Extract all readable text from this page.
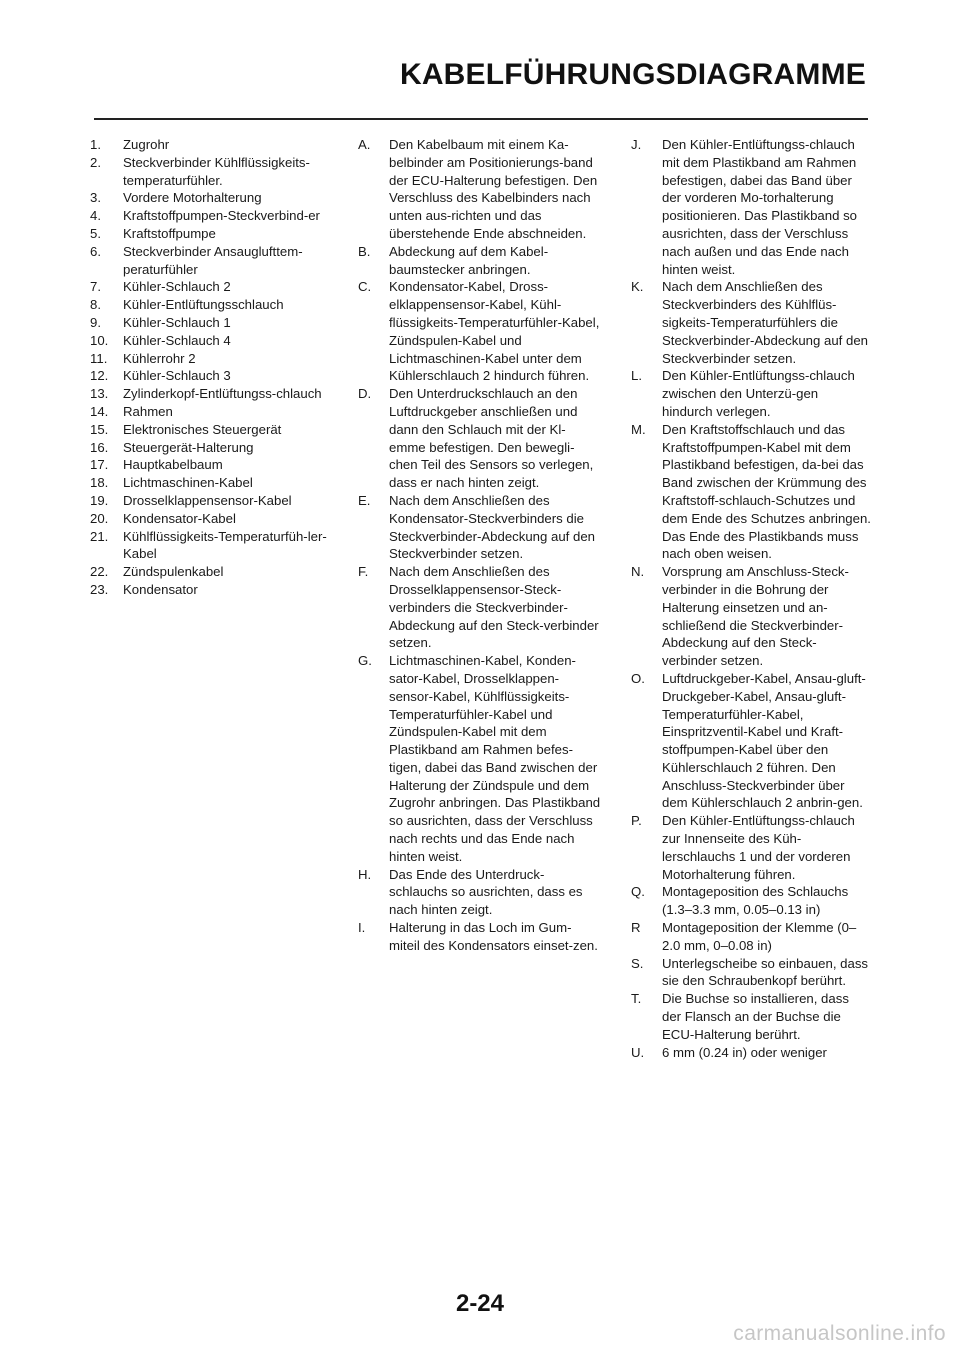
KABELFÜHRUNGSDIAGRAMME
1.	Zugrohr
2.	Steckverbinder Kühlflüssigkeits-temperaturfühler.
3.	Vordere Motorhalterung
4.	Kraftstoffpumpen-Steckverbind-er
5.	Kraftstoffpumpe
6.	Steckverbinder Ansauglufttem-peraturfühler
7.	Kühler-Schlauch 2
8.	Kühler-Entlüftungsschlauch
9.	Kühler-Schlauch 1
10.	Kühler-Schlauch 4
11.	Kühlerrohr 2
12.	Kühler-Schlauch 3
13.	Zylinderkopf-Entlüftungss-chlauch
14.	Rahmen
15.	Elektronisches Steuergerät
16.	Steuergerät-Halterung
17.	Hauptkabelbaum
18.	Lichtmaschinen-Kabel
19.	Drosselklappensensor-Kabel
20.	Kondensator-Kabel
21.	Kühlflüssigkeits-Temperaturfüh-ler-Kabel
22.	Zündspulenkabel
23.	Kondensator
A.	Den Kabelbaum mit einem Ka-belbinder am Positionierungs-band der ECU-Halterung befestigen. Den Verschluss des Kabelbinders nach unten aus-richten und das überstehende Ende abschneiden.
B.	Abdeckung auf dem Kabel-baumstecker anbringen.
C.	Kondensator-Kabel, Dross-elklappensensor-Kabel, Kühl-flüssigkeits-Temperaturfühler-Kabel, Zündspulen-Kabel und Lichtmaschinen-Kabel unter dem Kühlerschlauch 2 hindurch führen.
D.	Den Unterdruckschlauch an den Luftdruckgeber anschließen und dann den Schlauch mit der Kl-emme befestigen. Den bewegli-chen Teil des Sensors so verlegen, dass er nach hinten zeigt.
E.	Nach dem Anschließen des Kondensator-Steckverbinders die Steckverbinder-Abdeckung auf den Steckverbinder setzen.
F.	Nach dem Anschließen des Drosselklappensensor-Steck-verbinders die Steckverbinder-Abdeckung auf den Steck-verbinder setzen.
G.	Lichtmaschinen-Kabel, Konden-sator-Kabel, Drosselklappen-sensor-Kabel, Kühlflüssigkeits-Temperaturfühler-Kabel und Zündspulen-Kabel mit dem Plastikband am Rahmen befes-tigen, dabei das Band zwischen der Halterung der Zündspule und dem Zugrohr anbringen. Das Plastikband so ausrichten, dass der Verschluss nach rechts und das Ende nach hinten weist.
H.	Das Ende des Unterdruck-schlauchs so ausrichten, dass es nach hinten zeigt.
I.	Halterung in das Loch im Gum-miteil des Kondensators einset-zen.
J.	Den Kühler-Entlüftungss-chlauch mit dem Plastikband am Rahmen befestigen, dabei das Band über der vorderen Mo-torhalterung positionieren. Das Plastikband so ausrichten, dass der Verschluss nach außen und das Ende nach hinten weist.
K.	Nach dem Anschließen des Steckverbinders des Kühlflüs-sigkeits-Temperaturfühlers die Steckverbinder-Abdeckung auf den Steckverbinder setzen.
L.	Den Kühler-Entlüftungss-chlauch zwischen den Unterzü-gen hindurch verlegen.
M.	Den Kraftstoffschlauch und das Kraftstoffpumpen-Kabel mit dem Plastikband befestigen, da-bei das Band zwischen der Krümmung des Kraftstoff-schlauch-Schutzes und dem Ende des Schutzes anbringen. Das Ende des Plastikbands muss nach oben weisen.
N.	Vorsprung am Anschluss-Steck-verbinder in die Bohrung der Halterung einsetzen und an-schließend die Steckverbinder-Abdeckung auf den Steck-verbinder setzen.
O.	Luftdruckgeber-Kabel, Ansau-gluft-Druckgeber-Kabel, Ansau-gluft-Temperaturfühler-Kabel, Einspritzventil-Kabel und Kraft-stoffpumpen-Kabel über den Kühlerschlauch 2 führen. Den Anschluss-Steckverbinder über dem Kühlerschlauch 2 anbrin-gen.
P.	Den Kühler-Entlüftungss-chlauch zur Innenseite des Küh-lerschlauchs 1 und der vorderen Motorhalterung führen.
Q.	Montageposition des Schlauchs (1.3–3.3 mm, 0.05–0.13 in)
R	Montageposition der Klemme (0–2.0 mm, 0–0.08 in)
S.	Unterlegscheibe so einbauen, dass sie den Schraubenkopf berührt.
T.	Die Buchse so installieren, dass der Flansch an der Buchse die ECU-Halterung berührt.
U.	6 mm (0.24 in) oder weniger
2-24
carmanualsonline.info
